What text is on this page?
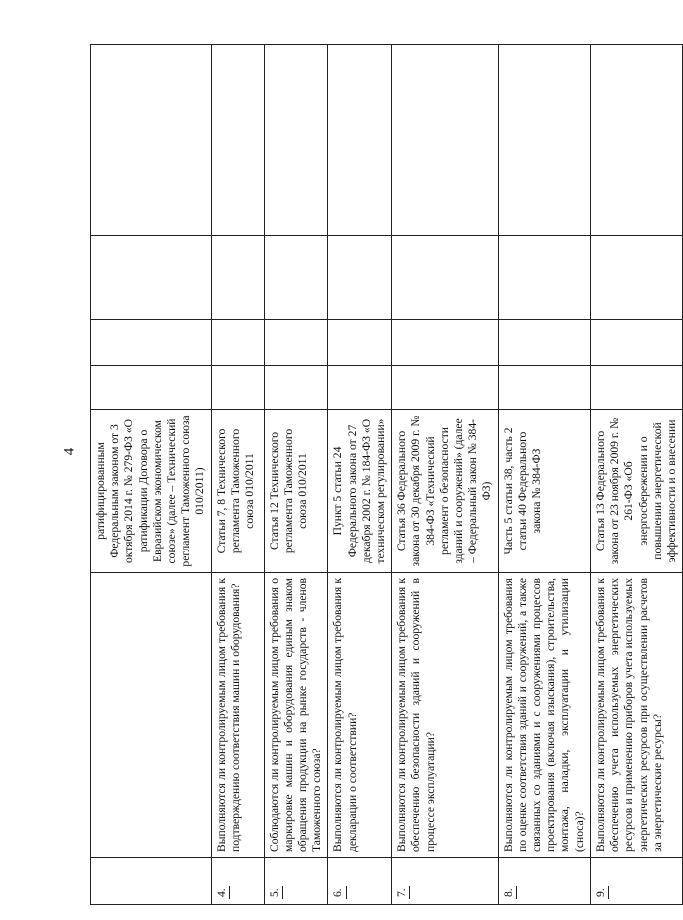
4
		ратифицированным Федеральным законом от 3 октября 2014 г. № 279-ФЗ «О ратификации Договора о Евразийском экономическом союзе» (далее – Технический регламент Таможенного союза 010/2011)				
4.	Выполняются ли контролируемым лицом требования к подтверждению соответствия машин и оборудования?	Статьи 7, 8 Технического регламента Таможенного союза 010/2011				
5.	Соблюдаются ли контролируемым лицом требования о маркировке машин и оборудования единым знаком обращения продукции на рынке государств - членов Таможенного союза?	Статья 12 Технического регламента Таможенного союза 010/2011				
6.	Выполняются ли контролируемым лицом требования к декларации о соответствии?	Пункт 5 статьи 24 Федерального закона от 27 декабря 2002 г. № 184-ФЗ «О техническом регулировании»				
7.	Выполняются ли контролируемым лицом требования к обеспечению безопасности зданий и сооружений в процессе эксплуатации?	Статья 36 Федерального закона от 30 декабря 2009 г. № 384-ФЗ «Технический регламент о безопасности зданий и сооружений» (далее – Федеральный закон № 384-ФЗ)				
8.	Выполняются ли контролируемым лицом требования по оценке соответствия зданий и сооружений, а также связанных со зданиями и с сооружениями процессов проектирования (включая изыскания), строительства, монтажа, наладки, эксплуатации и утилизации (сноса)?	Часть 5 статьи 38, часть 2 статьи 40 Федерального закона № 384-ФЗ				
9.	Выполняются ли контролируемым лицом требования к обеспечению учета используемых энергетических ресурсов и применению приборов учета используемых энергетических ресурсов при осуществлении расчетов за энергетические ресурсы?	Статья 13 Федерального закона от 23 ноября 2009 г. № 261-ФЗ «Об энергосбережении и о повышении энергетической эффективности и о внесении				
